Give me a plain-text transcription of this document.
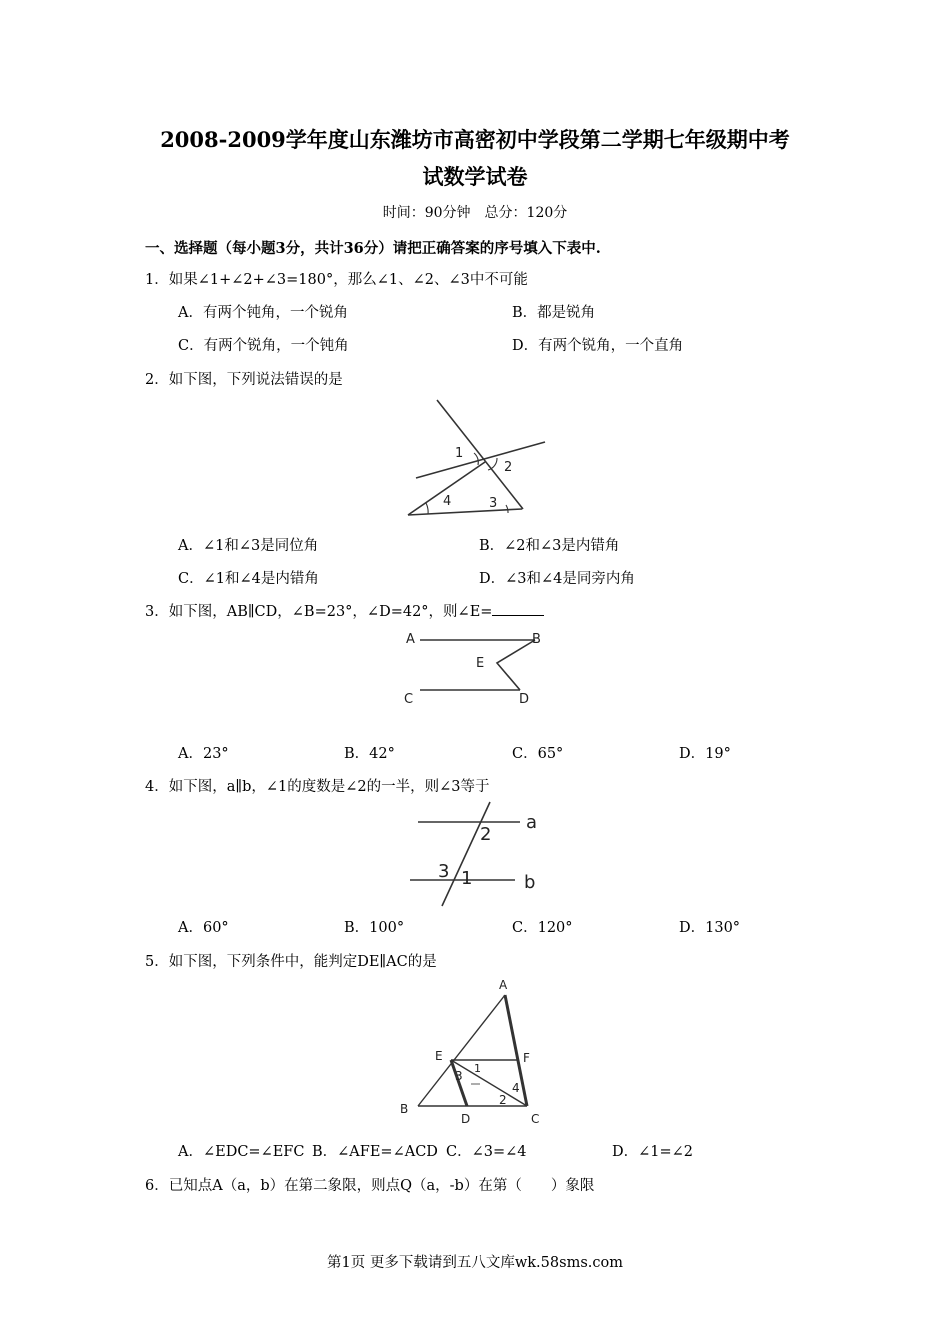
2008-2009学年度山东潍坊市高密初中学段第二学期七年级期中考
试数学试卷
时间：90分钟　总分：120分
一、选择题（每小题3分，共计36分）请把正确答案的序号填入下表中.
1．如果∠1+∠2+∠3=180°，那么∠1、∠2、∠3中不可能
A．有两个钝角，一个锐角	B．都是锐角
C．有两个锐角，一个钝角	D．有两个锐角，一个直角
2．如下图，下列说法错误的是
1
2
3
4
A．∠1和∠3是同位角	B．∠2和∠3是内错角
C．∠1和∠4是内错角	D．∠3和∠4是同旁内角
3．如下图，AB∥CD，∠B=23°，∠D=42°，则∠E=
A	B
E
C	D
A．23°	B．42°	C．65°	D．19°
4．如下图，a∥b，∠1的度数是∠2的一半，则∠3等于
2
a
3 1	b
A．60°	B．100°	C．120°	D．130°
5．如下图，下列条件中，能判定DE∥AC的是
A
E	F
3
1
4
B
D
2
C
A．∠EDC=∠EFC B．∠AFE=∠ACD C．∠3=∠4	D．∠1=∠2
6．已知点A（a，b）在第二象限，则点Q（a，-b）在第（　　）象限
第1页 更多下载请到五八文库wk.58sms.com
